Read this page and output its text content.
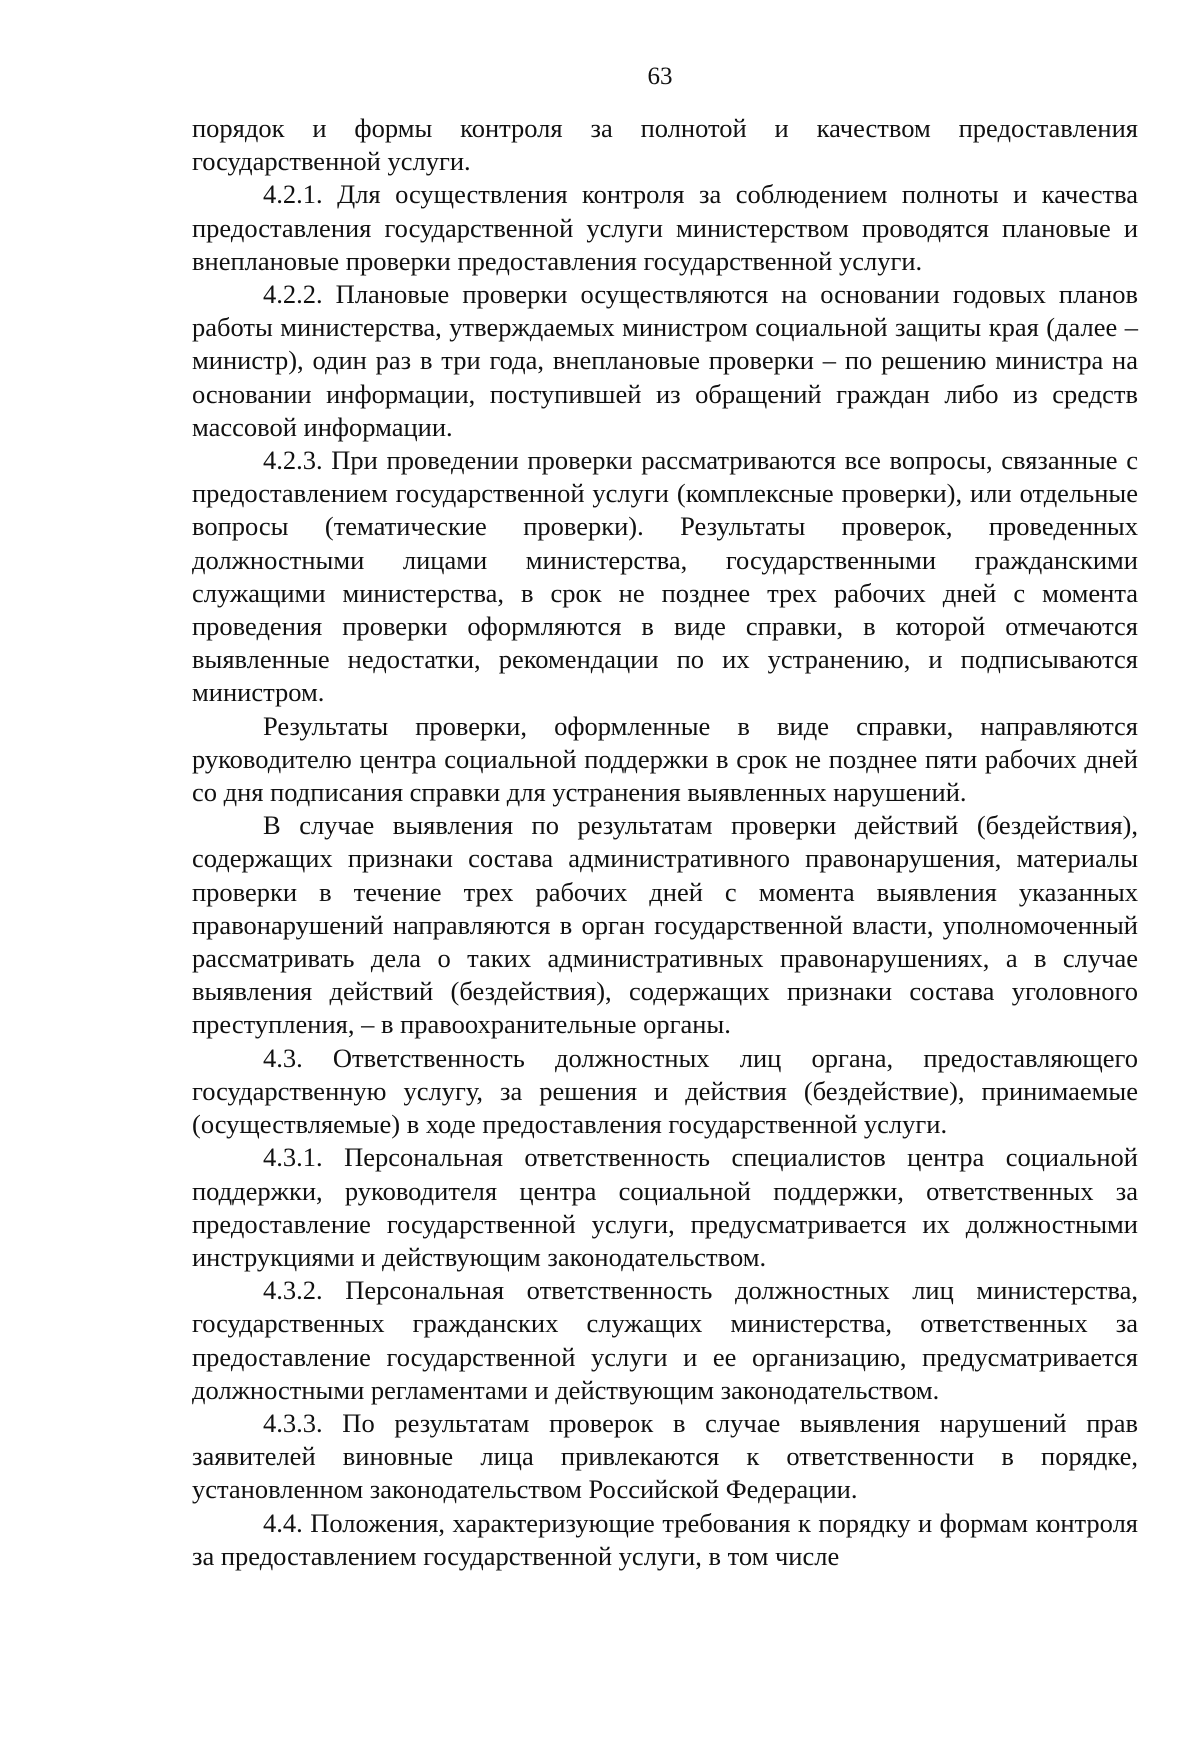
63

порядок и формы контроля за полнотой и качеством предоставления государственной услуги.

4.2.1. Для осуществления контроля за соблюдением полноты и качества предоставления государственной услуги министерством проводятся плановые и внеплановые проверки предоставления государственной услуги.

4.2.2. Плановые проверки осуществляются на основании годовых планов работы министерства, утверждаемых министром социальной защиты края (далее – министр), один раз в три года, внеплановые проверки – по решению министра на основании информации, поступившей из обращений граждан либо из средств массовой информации.

4.2.3. При проведении проверки рассматриваются все вопросы, связанные с предоставлением государственной услуги (комплексные проверки), или отдельные вопросы (тематические проверки). Результаты проверок, проведенных должностными лицами министерства, государственными гражданскими служащими министерства, в срок не позднее трех рабочих дней с момента проведения проверки оформляются в виде справки, в которой отмечаются выявленные недостатки, рекомендации по их устранению, и подписываются министром.

Результаты проверки, оформленные в виде справки, направляются руководителю центра социальной поддержки в срок не позднее пяти рабочих дней со дня подписания справки для устранения выявленных нарушений.

В случае выявления по результатам проверки действий (бездействия), содержащих признаки состава административного правонарушения, материалы проверки в течение трех рабочих дней с момента выявления указанных правонарушений направляются в орган государственной власти, уполномоченный рассматривать дела о таких административных правонарушениях, а в случае выявления действий (бездействия), содержащих признаки состава уголовного преступления, – в правоохранительные органы.

4.3. Ответственность должностных лиц органа, предоставляющего государственную услугу, за решения и действия (бездействие), принимаемые (осуществляемые) в ходе предоставления государственной услуги.

4.3.1. Персональная ответственность специалистов центра социальной поддержки, руководителя центра социальной поддержки, ответственных за предоставление государственной услуги, предусматривается их должностными инструкциями и действующим законодательством.

4.3.2. Персональная ответственность должностных лиц министерства, государственных гражданских служащих министерства, ответственных за предоставление государственной услуги и ее организацию, предусматривается должностными регламентами и действующим законодательством.

4.3.3. По результатам проверок в случае выявления нарушений прав заявителей виновные лица привлекаются к ответственности в порядке, установленном законодательством Российской Федерации.

4.4. Положения, характеризующие требования к порядку и формам контроля за предоставлением государственной услуги, в том числе
